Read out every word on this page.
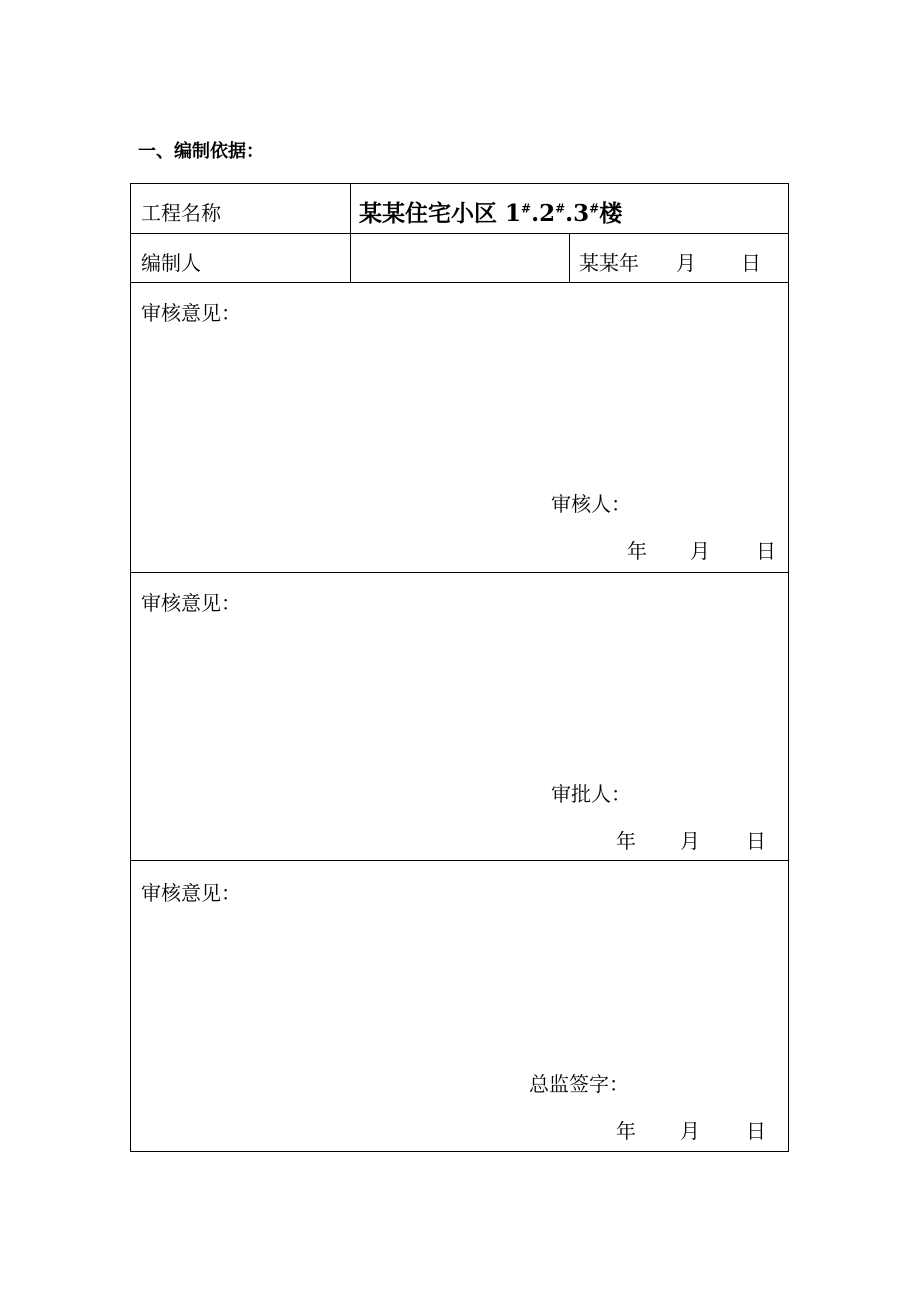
一、编制依据：
工程名称	某某住宅小区 1#.2#.3#楼
编制人	某某年 月 日
审核意见：
审核人：
年 月 日
审核意见：
审批人：
年 月 日
审核意见：
总监签字：
年 月 日
